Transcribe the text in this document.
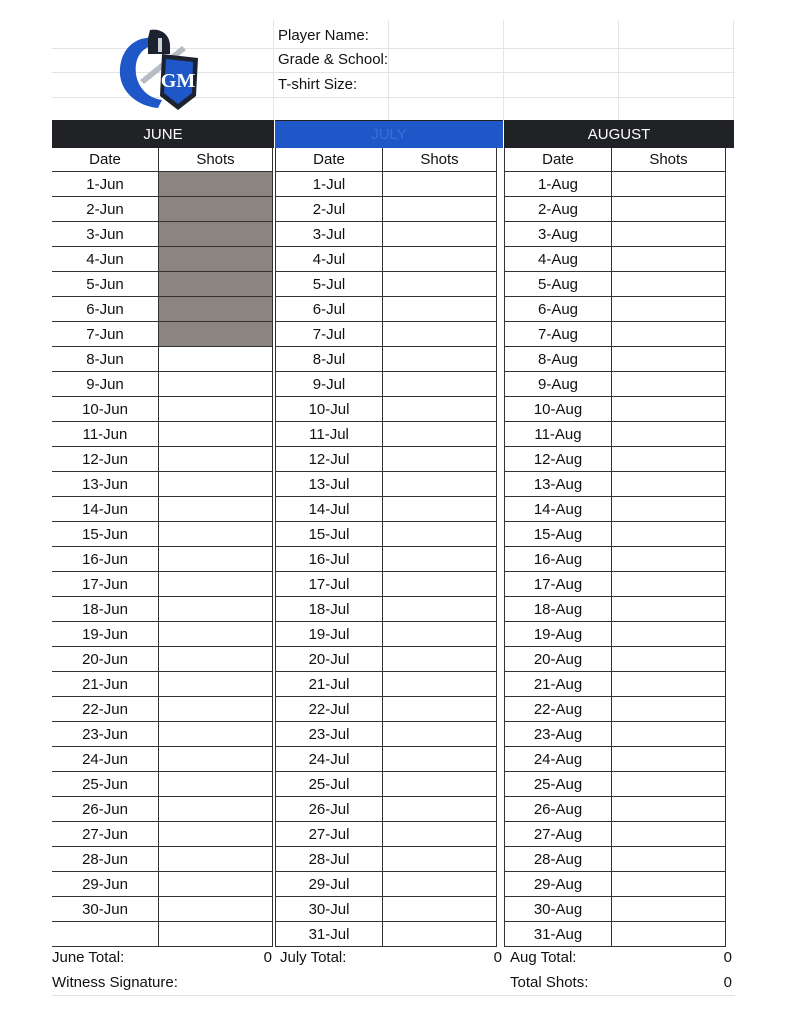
GM
Player Name:
Grade & School:
T-shirt Size:
JUNE	JULY	AUGUST
Date	Shots
1-Jun	
2-Jun	
3-Jun	
4-Jun	
5-Jun	
6-Jun	
7-Jun	
8-Jun	
9-Jun	
10-Jun	
11-Jun	
12-Jun	
13-Jun	
14-Jun	
15-Jun	
16-Jun	
17-Jun	
18-Jun	
19-Jun	
20-Jun	
21-Jun	
22-Jun	
23-Jun	
24-Jun	
25-Jun	
26-Jun	
27-Jun	
28-Jun	
29-Jun	
30-Jun	

Date	Shots
1-Jul	
2-Jul	
3-Jul	
4-Jul	
5-Jul	
6-Jul	
7-Jul	
8-Jul	
9-Jul	
10-Jul	
11-Jul	
12-Jul	
13-Jul	
14-Jul	
15-Jul	
16-Jul	
17-Jul	
18-Jul	
19-Jul	
20-Jul	
21-Jul	
22-Jul	
23-Jul	
24-Jul	
25-Jul	
26-Jul	
27-Jul	
28-Jul	
29-Jul	
30-Jul	
31-Jul	
Date	Shots
1-Aug	
2-Aug	
3-Aug	
4-Aug	
5-Aug	
6-Aug	
7-Aug	
8-Aug	
9-Aug	
10-Aug	
11-Aug	
12-Aug	
13-Aug	
14-Aug	
15-Aug	
16-Aug	
17-Aug	
18-Aug	
19-Aug	
20-Aug	
21-Aug	
22-Aug	
23-Aug	
24-Aug	
25-Aug	
26-Aug	
27-Aug	
28-Aug	
29-Aug	
30-Aug	
31-Aug	
June Total:	0 July Total:	0 Aug Total:	0
Witness Signature:	Total Shots:	0
